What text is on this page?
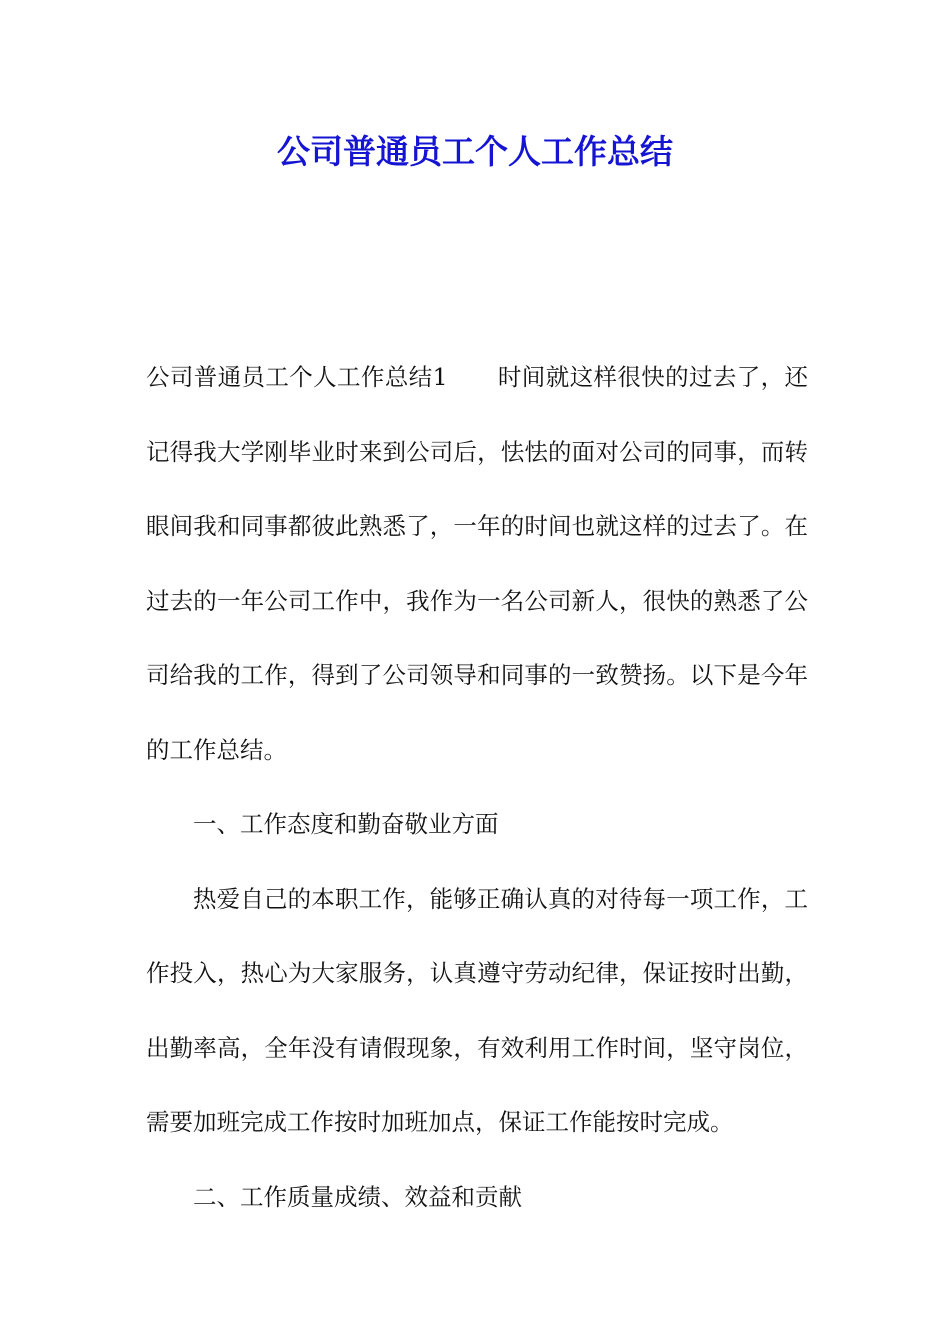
公司普通员工个人工作总结

公司普通员工个人工作总结1 时间就这样很快的过去了，还记得我大学刚毕业时来到公司后，怯怯的面对公司的同事，而转眼间我和同事都彼此熟悉了，一年的时间也就这样的过去了。在过去的一年公司工作中，我作为一名公司新人，很快的熟悉了公司给我的工作，得到了公司领导和同事的一致赞扬。以下是今年的工作总结。

一、工作态度和勤奋敬业方面

热爱自己的本职工作，能够正确认真的对待每一项工作，工作投入，热心为大家服务，认真遵守劳动纪律，保证按时出勤，出勤率高，全年没有请假现象，有效利用工作时间，坚守岗位，需要加班完成工作按时加班加点，保证工作能按时完成。

二、工作质量成绩、效益和贡献
